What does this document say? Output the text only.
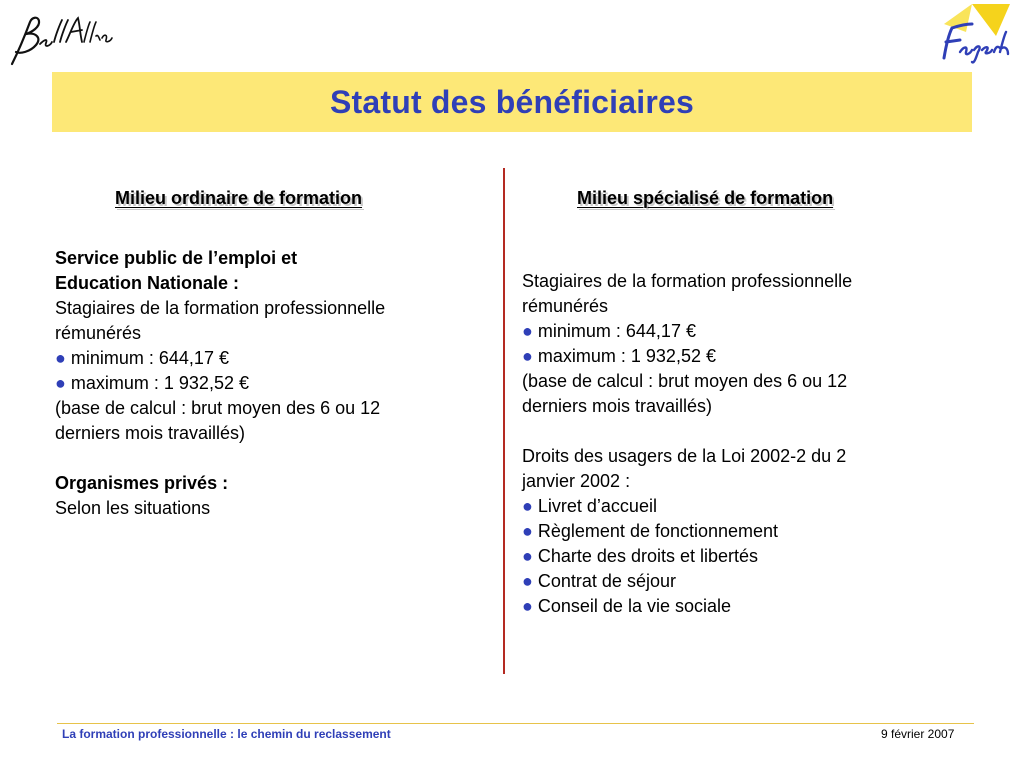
Statut des bénéficiaires
Milieu ordinaire de formation	Milieu spécialisé de formation
Service public de l’emploi et
Education Nationale :
Stagiaires de la formation professionnelle
rémunérés
● minimum : 644,17 €
● maximum : 1 932,52 €
(base de calcul : brut moyen des 6 ou 12
derniers mois travaillés)
Organismes privés :
Selon les situations
Stagiaires de la formation professionnelle
rémunérés
● minimum : 644,17 €
● maximum : 1 932,52 €
(base de calcul : brut moyen des 6 ou 12
derniers mois travaillés)
Droits des usagers de la Loi 2002-2 du 2
janvier 2002 :
● Livret d’accueil
● Règlement de fonctionnement
● Charte des droits et libertés
● Contrat de séjour
● Conseil de la vie sociale
La formation professionnelle : le chemin du reclassement	9 février 2007
